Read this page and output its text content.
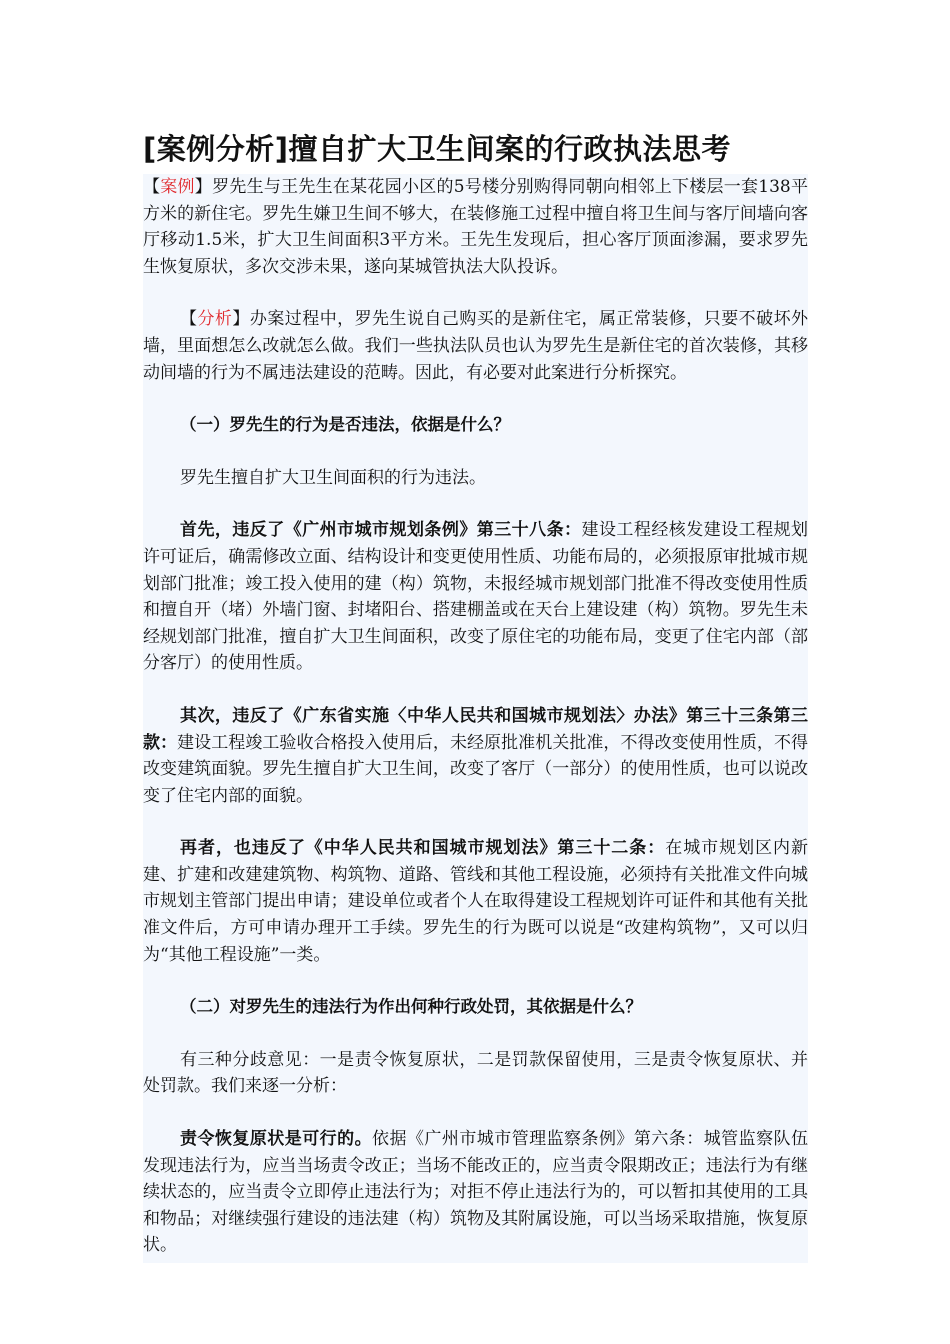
[案例分析]擅自扩大卫生间案的行政执法思考

【案例】罗先生与王先生在某花园小区的5号楼分别购得同朝向相邻上下楼层一套138平方米的新住宅。罗先生嫌卫生间不够大，在装修施工过程中擅自将卫生间与客厅间墙向客厅移动1.5米，扩大卫生间面积3平方米。王先生发现后，担心客厅顶面渗漏，要求罗先生恢复原状，多次交涉未果，遂向某城管执法大队投诉。

【分析】办案过程中，罗先生说自己购买的是新住宅，属正常装修，只要不破坏外墙，里面想怎么改就怎么做。我们一些执法队员也认为罗先生是新住宅的首次装修，其移动间墙的行为不属违法建设的范畴。因此，有必要对此案进行分析探究。

（一）罗先生的行为是否违法，依据是什么？

罗先生擅自扩大卫生间面积的行为违法。

首先，违反了《广州市城市规划条例》第三十八条：建设工程经核发建设工程规划许可证后，确需修改立面、结构设计和变更使用性质、功能布局的，必须报原审批城市规划部门批准；竣工投入使用的建（构）筑物，未报经城市规划部门批准不得改变使用性质和擅自开（堵）外墙门窗、封堵阳台、搭建棚盖或在天台上建设建（构）筑物。罗先生未经规划部门批准，擅自扩大卫生间面积，改变了原住宅的功能布局，变更了住宅内部（部分客厅）的使用性质。

其次，违反了《广东省实施〈中华人民共和国城市规划法〉办法》第三十三条第三款：建设工程竣工验收合格投入使用后，未经原批准机关批准，不得改变使用性质，不得改变建筑面貌。罗先生擅自扩大卫生间，改变了客厅（一部分）的使用性质，也可以说改变了住宅内部的面貌。

再者，也违反了《中华人民共和国城市规划法》第三十二条：在城市规划区内新建、扩建和改建建筑物、构筑物、道路、管线和其他工程设施，必须持有关批准文件向城市规划主管部门提出申请；建设单位或者个人在取得建设工程规划许可证件和其他有关批准文件后，方可申请办理开工手续。罗先生的行为既可以说是“改建构筑物”，又可以归为“其他工程设施”一类。

（二）对罗先生的违法行为作出何种行政处罚，其依据是什么？

有三种分歧意见：一是责令恢复原状，二是罚款保留使用，三是责令恢复原状、并处罚款。我们来逐一分析：

责令恢复原状是可行的。依据《广州市城市管理监察条例》第六条：城管监察队伍发现违法行为，应当当场责令改正；当场不能改正的，应当责令限期改正；违法行为有继续状态的，应当责令立即停止违法行为；对拒不停止违法行为的，可以暂扣其使用的工具和物品；对继续强行建设的违法建（构）筑物及其附属设施，可以当场采取措施，恢复原状。
